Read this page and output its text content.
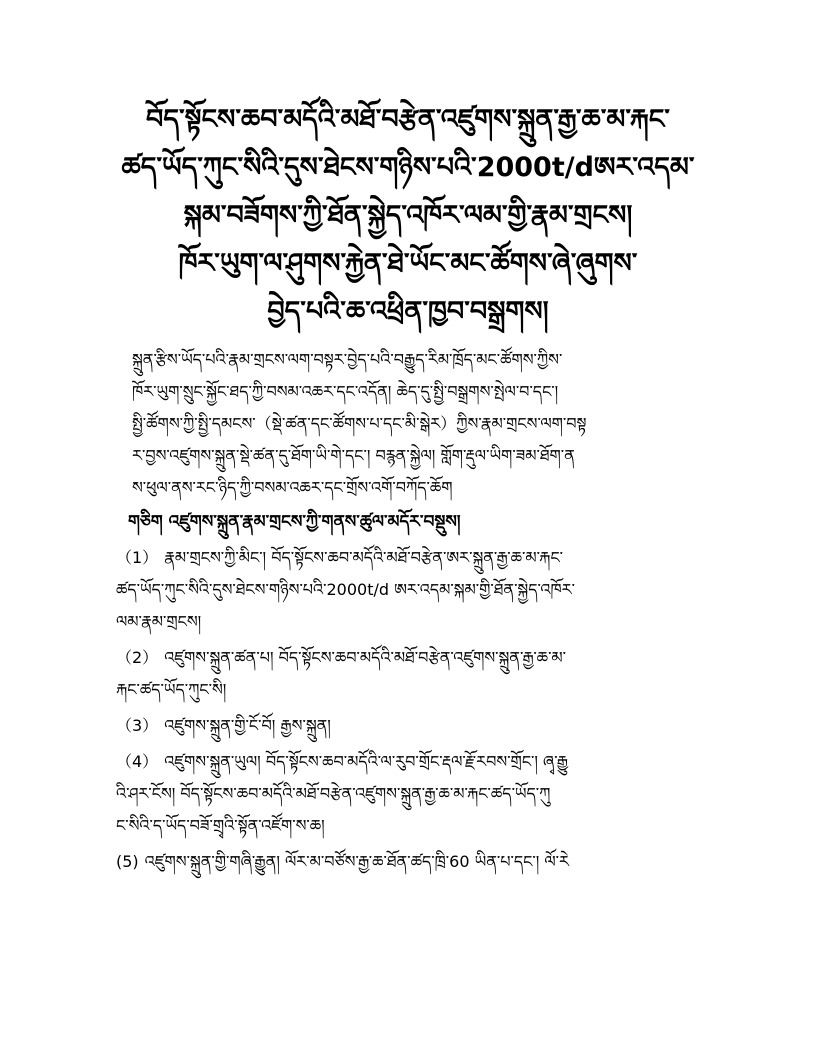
བོད་སྟོངས་ཆབ་མདོའི་མཐོ་བརྩེན་འཛུགས་སྐྲུན་རྒྱ་ཆ་མ་རྐང་
ཚད་ཡོད་ཀུང་སིའི་དུས་ཐེངས་གཉིས་པའི་2000t/dཨར་འདམ་
སྐམ་བཟོགས་ཀྱི་ཐོན་སྐྱེད་འཁོར་ལམ་གྱི་རྣམ་གྲངས།
ཁོར་ཡུག་ལ་ཤུགས་རྐྱེན་ཐེ་ཡོང་མང་ཚོགས་ཞེ་ཞུགས་
བྱེད་པའི་ཆ་འཕྲིན་ཁྱབ་བསྒྲགས།

སྐྲུན་རྩིས་ཡོད་པའི་རྣམ་གྲངས་ལག་བསྟར་བྱེད་པའི་བརྒྱུད་རིམ་ཁྲོད་མང་ཚོགས་ཀྱིས་

ཁོར་ཡུག་སྲུང་སྐྱོང་ཐད་ཀྱི་བསམ་འཆར་དང་འདོན། ཆེད་དུ་སྤྱི་བསྒྲགས་སྤེལ་བ་དང་།

སྤྱི་ཚོགས་ཀྱི་སྤྱི་དམངས་（སྡེ་ཚན་དང་ཚོགས་པ་དང་མི་སྒེར）ཀྱིས་རྣམ་གྲངས་ལག་བསྟ

ར་བྱས་འཛུགས་སྐྲུན་སྡེ་ཚན་དུ་ཐོག་ཡི་གེ་དང་། བརྙན་སྐྱེལ། གློག་རྡུལ་ཡིག་ཟམ་ཐོག་ན

ས་ཕུལ་ནས་རང་ཉིད་ཀྱི་བསམ་འཆར་དང་གྲོས་འགོ་བཀོད་ཆོག

གཅིག འཛུགས་སྐྲུན་རྣམ་གྲངས་ཀྱི་གནས་ཚུལ་མདོར་བསྡུས།

（1） རྣམ་གྲངས་ཀྱི་མིང་། བོད་སྟོངས་ཆབ་མདོའི་མཐོ་བརྩེན་ཨར་སྐྲུན་རྒྱ་ཆ་མ་རྐང་

ཚད་ཡོད་ཀུང་སིའི་དུས་ཐེངས་གཉིས་པའི་2000t/d ཨར་འདམ་སྐམ་གྱི་ཐོན་སྐྱེད་འཁོར་

ལམ་རྣམ་གྲངས།

（2） འཛུགས་སྐྲུན་ཚན་པ། བོད་སྟོངས་ཆབ་མདོའི་མཐོ་བརྩེན་འཛུགས་སྐྲུན་རྒྱ་ཆ་མ་

རྐང་ཚད་ཡོད་ཀུང་སི།

（3） འཛུགས་སྐྲུན་གྱི་ངོ་བོ། རྒྱས་སྐྲུན།

（4） འཛུགས་སྐྲུན་ཡུལ། བོད་སྟོངས་ཆབ་མདོའི་ལ་རུབ་གྲོང་རྡལ་རྗོ་རབས་གྲོང་། ཞྭ་རྒྱུ

འི་ཤར་ངོས། བོད་སྟོངས་ཆབ་མདོའི་མཐོ་བརྩེན་འཛུགས་སྐྲུན་རྒྱ་ཆ་མ་རྐང་ཚད་ཡོད་ཀུ

ང་སིའི་ད་ཡོད་བཟོ་གྲྭའི་སྟོན་འཛོག་ས་ཆ།

(5) འཛུགས་སྐྲུན་གྱི་གཞི་རྒྱུན། ལོར་མ་བཙོས་རྒྱ་ཆ་ཐོན་ཚད་ཁྲི་60 ཡིན་པ་དང་། ལོ་རེ
